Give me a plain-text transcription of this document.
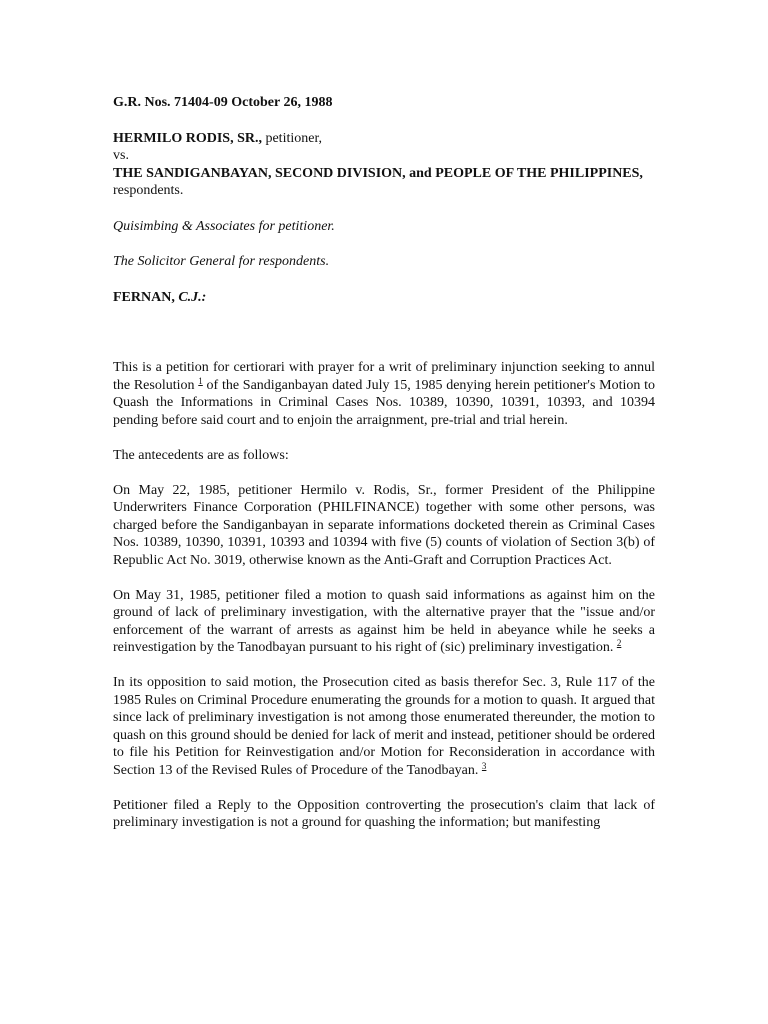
G.R. Nos. 71404-09 October 26, 1988
HERMILO RODIS, SR., petitioner,
vs.
THE SANDIGANBAYAN, SECOND DIVISION, and PEOPLE OF THE PHILIPPINES, respondents.
Quisimbing & Associates for petitioner.
The Solicitor General for respondents.
FERNAN, C.J.:

This is a petition for certiorari with prayer for a writ of preliminary injunction seeking to annul the Resolution $^1$ of the Sandiganbayan dated July 15, 1985 denying herein petitioner's Motion to Quash the Informations in Criminal Cases Nos. 10389, 10390, 10391, 10393, and 10394 pending before said court and to enjoin the arraignment, pre-trial and trial herein.

The antecedents are as follows:

On May 22, 1985, petitioner Hermilo v. Rodis, Sr., former President of the Philippine Underwriters Finance Corporation (PHILFINANCE) together with some other persons, was charged before the Sandiganbayan in separate informations docketed therein as Criminal Cases Nos. 10389, 10390, 10391, 10393 and 10394 with five (5) counts of violation of Section 3(b) of Republic Act No. 3019, otherwise known as the Anti-Graft and Corruption Practices Act.

On May 31, 1985, petitioner filed a motion to quash said informations as against him on the ground of lack of preliminary investigation, with the alternative prayer that the "issue and/or enforcement of the warrant of arrests as against him be held in abeyance while he seeks a reinvestigation by the Tanodbayan pursuant to his right of (sic) preliminary investigation. $^2$

In its opposition to said motion, the Prosecution cited as basis therefor Sec. 3, Rule 117 of the 1985 Rules on Criminal Procedure enumerating the grounds for a motion to quash. It argued that since lack of preliminary investigation is not among those enumerated thereunder, the motion to quash on this ground should be denied for lack of merit and instead, petitioner should be ordered to file his Petition for Reinvestigation and/or Motion for Reconsideration in accordance with Section 13 of the Revised Rules of Procedure of the Tanodbayan. $^3$

Petitioner filed a Reply to the Opposition controverting the prosecution's claim that lack of preliminary investigation is not a ground for quashing the information; but manifesting
